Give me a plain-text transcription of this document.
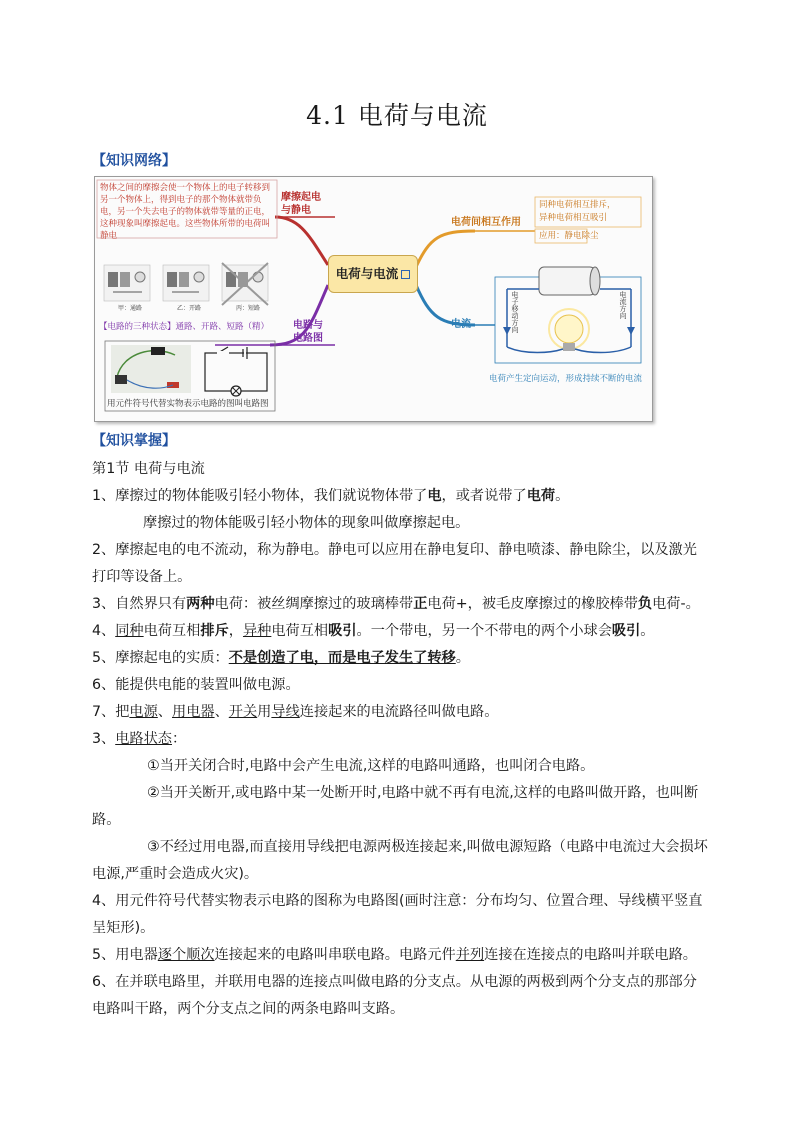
4.1 电荷与电流
【知识网络】
物体之间的摩擦会使一个物体上的电子转移到另一个物体上，得到电子的那个物体就带负电，另一个失去电子的物体就带等量的正电，这种现象叫摩擦起电。这些物体所带的电荷叫静电
摩擦起电
与静电
甲：通路	乙：开路	丙：短路
【电路的三种状态】通路、开路、短路（精） 电路与
电路图
用元件符号代替实物表示电路的图叫电路图
电荷与电流
电荷间相互作用
同种电荷相互排斥，
异种电荷相互吸引
应用：静电除尘
电流	电子移动方向	电流方向
电荷产生定向运动，形成持续不断的电流
【知识掌握】
第1节 电荷与电流
1、摩擦过的物体能吸引轻小物体，我们就说物体带了电，或者说带了电荷。
摩擦过的物体能吸引轻小物体的现象叫做摩擦起电。
2、摩擦起电的电不流动，称为静电。静电可以应用在静电复印、静电喷漆、静电除尘，以及激光
打印等设备上。
3、自然界只有两种电荷：被丝绸摩擦过的玻璃棒带正电荷+，被毛皮摩擦过的橡胶棒带负电荷-。
4、同种电荷互相排斥，异种电荷互相吸引。一个带电，另一个不带电的两个小球会吸引。
5、摩擦起电的实质：不是创造了电，而是电子发生了转移。
6、能提供电能的装置叫做电源。
7、把电源、用电器、开关用导线连接起来的电流路径叫做电路。
3、电路状态：
①当开关闭合时,电路中会产生电流,这样的电路叫通路，也叫闭合电路。
②当开关断开,或电路中某一处断开时,电路中就不再有电流,这样的电路叫做开路，也叫断
路。
③不经过用电器,而直接用导线把电源两极连接起来,叫做电源短路（电路中电流过大会损坏
电源,严重时会造成火灾)。
4、用元件符号代替实物表示电路的图称为电路图(画时注意：分布均匀、位置合理、导线横平竖直
呈矩形)。
5、用电器逐个顺次连接起来的电路叫串联电路。电路元件并列连接在连接点的电路叫并联电路。
6、在并联电路里，并联用电器的连接点叫做电路的分支点。从电源的两极到两个分支点的那部分
电路叫干路，两个分支点之间的两条电路叫支路。
